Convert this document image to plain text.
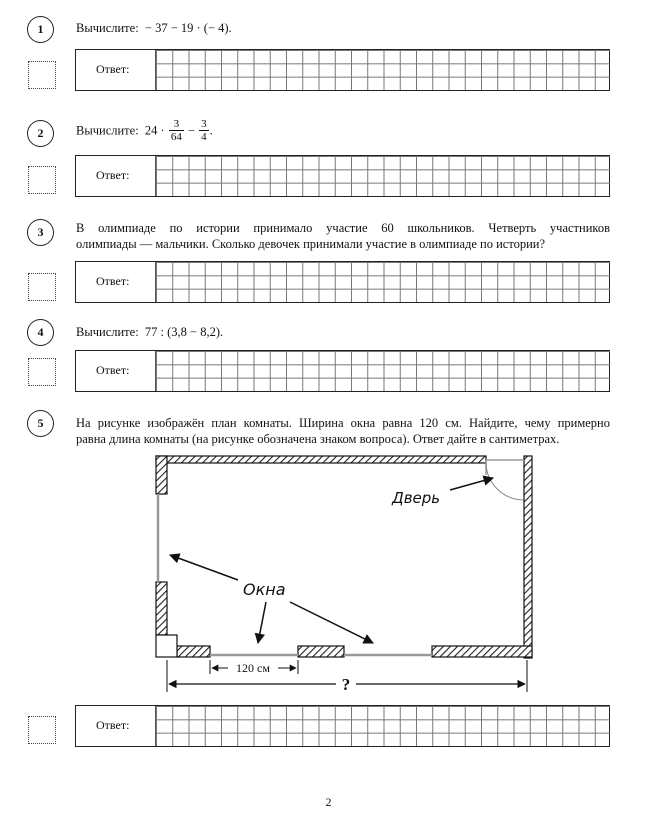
1	Вычислите: − 37 − 19 · (− 4).
Ответ:
2	Вычислите: $24 \cdot \frac{3}{64} - \frac{3}{4}$ .
Ответ:
3	В олимпиаде по истории принимало участие 60 школьников. Четверть участников
олимпиады — мальчики. Сколько девочек принимали участие в олимпиаде по истории?
Ответ:
4	Вычислите: 77 : (3,8 − 8,2).
Ответ:
5	На рисунке изображён план комнаты. Ширина окна равна 120 см. Найдите, чему примерно
равна длина комнаты (на рисунке обозначена знаком вопроса). Ответ дайте в сантиметрах.
Дверь
Окна
120 см
?
Ответ:
2
